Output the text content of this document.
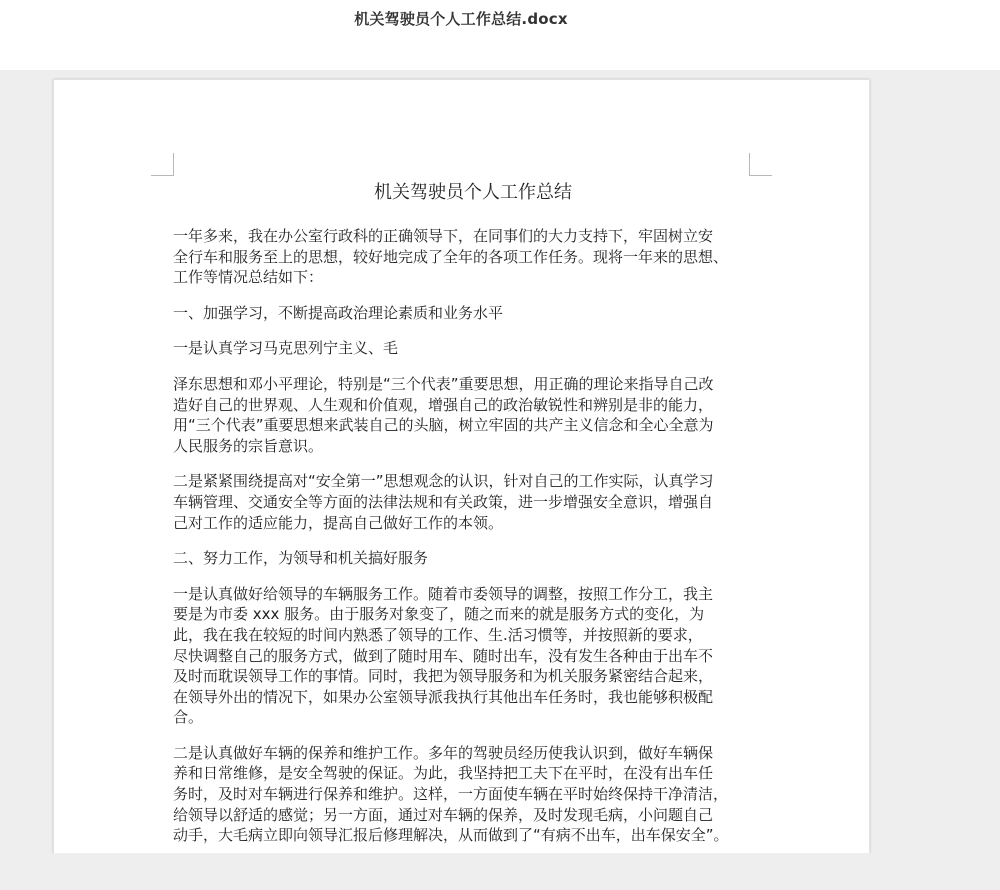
机关驾驶员个人工作总结.docx
机关驾驶员个人工作总结

一年多来，我在办公室行政科的正确领导下，在同事们的大力支持下，牢固树立安
全行车和服务至上的思想，较好地完成了全年的各项工作任务。现将一年来的思想、
工作等情况总结如下：

一、加强学习，不断提高政治理论素质和业务水平

一是认真学习马克思列宁主义、毛

泽东思想和邓小平理论，特别是“三个代表”重要思想，用正确的理论来指导自己改
造好自己的世界观、人生观和价值观，增强自己的政治敏锐性和辨别是非的能力，
用“三个代表”重要思想来武装自己的头脑，树立牢固的共产主义信念和全心全意为
人民服务的宗旨意识。

二是紧紧围绕提高对“安全第一”思想观念的认识，针对自己的工作实际，认真学习
车辆管理、交通安全等方面的法律法规和有关政策，进一步增强安全意识，增强自
己对工作的适应能力，提高自己做好工作的本领。

二、努力工作，为领导和机关搞好服务

一是认真做好给领导的车辆服务工作。随着市委领导的调整，按照工作分工，我主
要是为市委 xxx 服务。由于服务对象变了，随之而来的就是服务方式的变化，为
此，我在我在较短的时间内熟悉了领导的工作、生.活习惯等，并按照新的要求，
尽快调整自己的服务方式，做到了随时用车、随时出车，没有发生各种由于出车不
及时而耽误领导工作的事情。同时，我把为领导服务和为机关服务紧密结合起来，
在领导外出的情况下，如果办公室领导派我执行其他出车任务时，我也能够积极配
合。

二是认真做好车辆的保养和维护工作。多年的驾驶员经历使我认识到，做好车辆保
养和日常维修，是安全驾驶的保证。为此，我坚持把工夫下在平时，在没有出车任
务时，及时对车辆进行保养和维护。这样，一方面使车辆在平时始终保持干净清洁，
给领导以舒适的感觉；另一方面，通过对车辆的保养，及时发现毛病，小问题自己
动手，大毛病立即向领导汇报后修理解决，从而做到了“有病不出车，出车保安全”。
